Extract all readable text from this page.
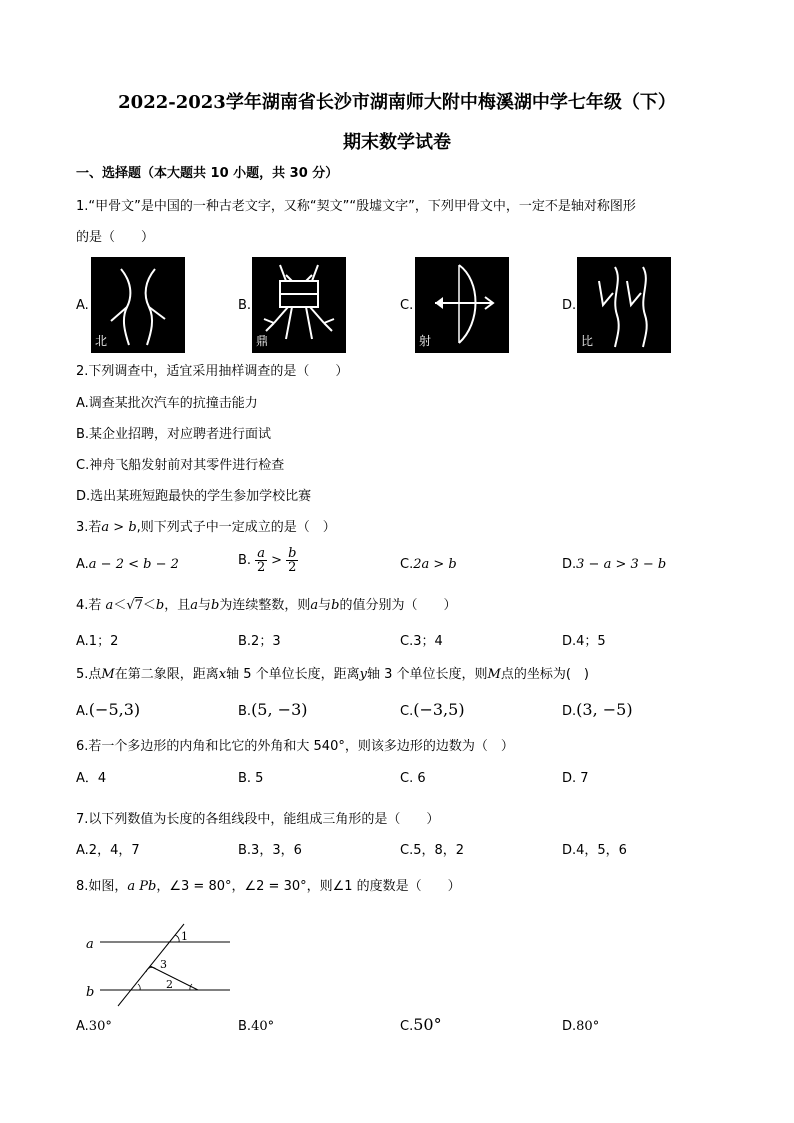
2022-2023学年湖南省长沙市湖南师大附中梅溪湖中学七年级（下）
期末数学试卷
一、选择题（本大题共 10 小题，共 30 分）
1.“甲骨文”是中国的一种古老文字，又称“契文”“殷墟文字”，下列甲骨文中，一定不是轴对称图形
的是（　　）
A.
北
B.
鼎
C.
射
D.
比
2.下列调查中，适宜采用抽样调查的是（　　）
A.调查某批次汽车的抗撞击能力
B.某企业招聘，对应聘者进行面试
C.神舟飞船发射前对其零件进行检查
D.选出某班短跑最快的学生参加学校比赛
3.若a > b,则下列式子中一定成立的是（　）
A.a − 2 < b − 2	B. $\frac{a}{2} > \frac{b}{2}$	C.2a > b	D.3 − a > 3 − b
4.若 a＜√7＜b，且a与b为连续整数，则a与b的值分别为（　　）
A.1；2	B.2；3	C.3；4	D.4；5
5.点M在第二象限，距离x轴 5 个单位长度，距离y轴 3 个单位长度，则M点的坐标为(　)
A.(−5,3)	B.(5, −3)	C.(−3,5)	D.(3, −5)
6.若一个多边形的内角和比它的外角和大 540°，则该多边形的边数为（　）
A．4	B. 5	C. 6	D. 7
7.以下列数值为长度的各组线段中，能组成三角形的是（　　）
A.2，4，7	B.3，3，6	C.5，8，2	D.4，5，6
8.如图，a Pb，∠3 = 80°，∠2 = 30°，则∠1 的度数是（　　）
a
b
1
3
2
A.30°	B.40°	C.50°	D.80°
